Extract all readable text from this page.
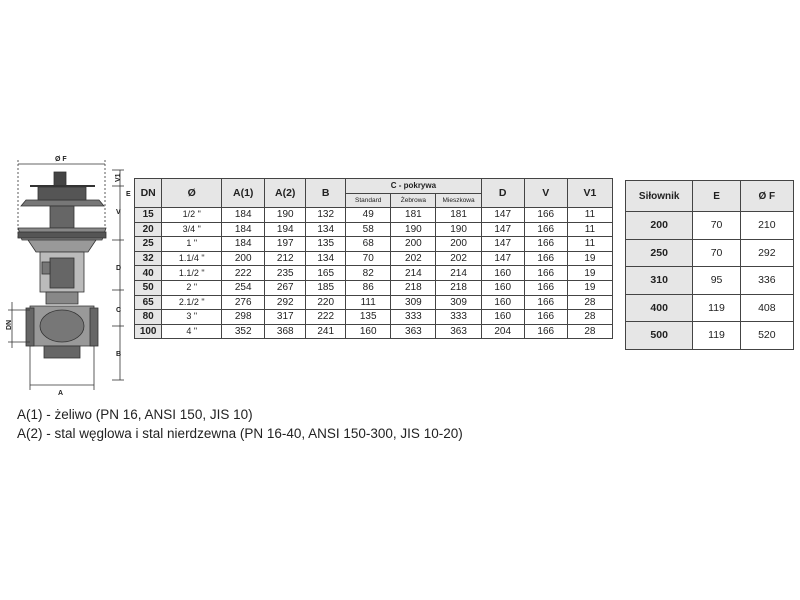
Ø F
A
DN
V1
V
E
D
C
B
DN	Ø	A(1)	A(2)	B	C - pokrywa			D	V	V1
					Standard	Żebrowa	Mieszkowa			
15	1/2 "	184	190	132	49	181	181	147	166	11
20	3/4 "	184	194	134	58	190	190	147	166	11
25	1 "	184	197	135	68	200	200	147	166	11
32	1.1/4 "	200	212	134	70	202	202	147	166	19
40	1.1/2 "	222	235	165	82	214	214	160	166	19
50	2 "	254	267	185	86	218	218	160	166	19
65	2.1/2 "	276	292	220	111	309	309	160	166	28
80	3 "	298	317	222	135	333	333	160	166	28
100	4 "	352	368	241	160	363	363	204	166	28
Siłownik	E	Ø F
200	70	210
250	70	292
310	95	336
400	119	408
500	119	520
A(1) - żeliwo (PN 16, ANSI 150, JIS 10)
A(2) - stal węglowa i stal nierdzewna (PN 16-40, ANSI 150-300, JIS 10-20)
